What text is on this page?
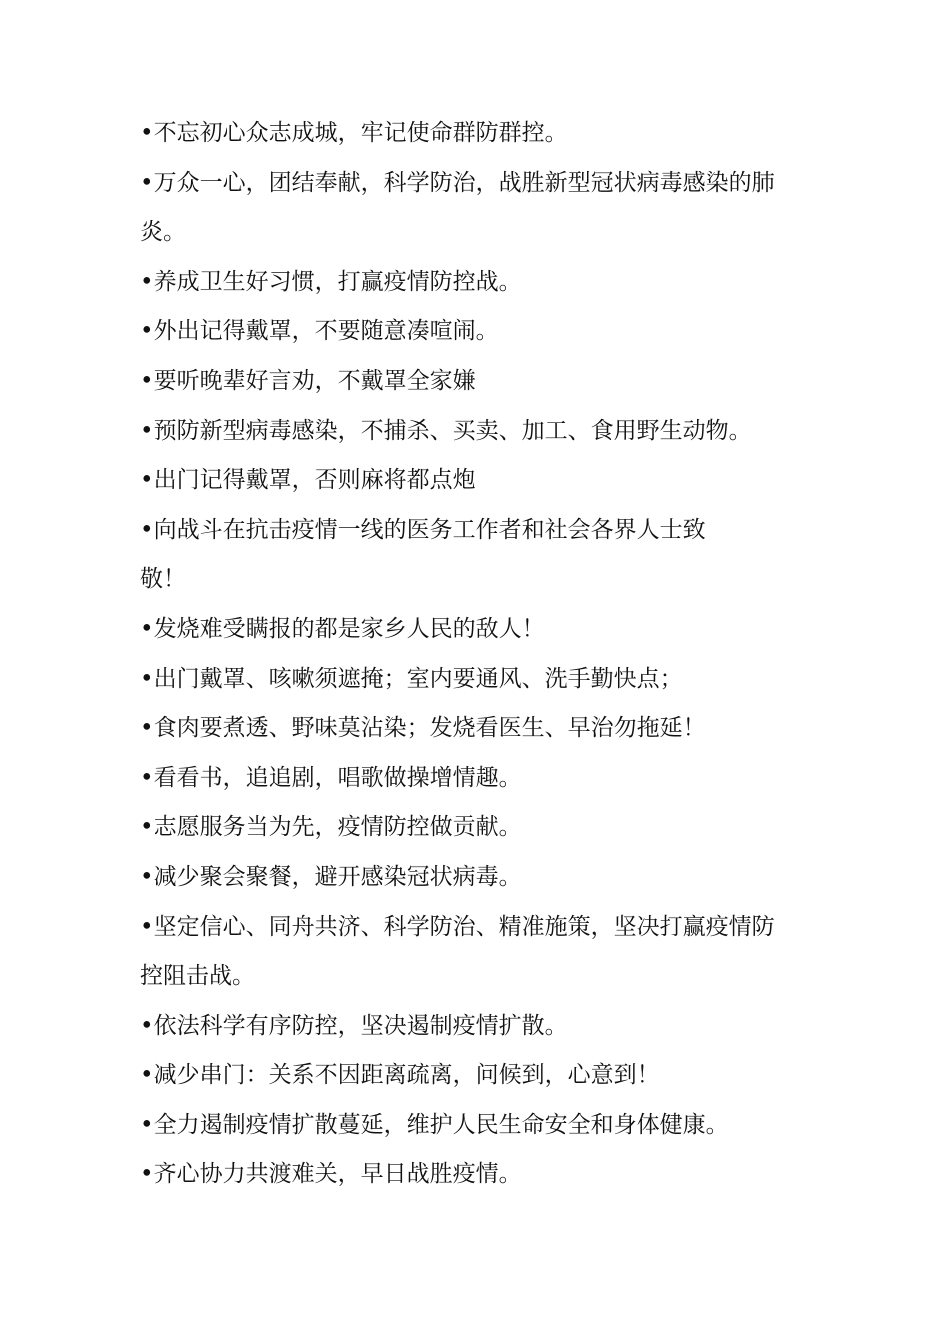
•不忘初心众志成城，牢记使命群防群控。
•万众一心，团结奉献，科学防治，战胜新型冠状病毒感染的肺
炎。
•养成卫生好习惯，打赢疫情防控战。
•外出记得戴罩，不要随意凑喧闹。
•要听晚辈好言劝，不戴罩全家嫌
•预防新型病毒感染，不捕杀、买卖、加工、食用野生动物。
•出门记得戴罩，否则麻将都点炮
•向战斗在抗击疫情一线的医务工作者和社会各界人士致
敬！
•发烧难受瞒报的都是家乡人民的敌人！
•出门戴罩、咳嗽须遮掩；室内要通风、洗手勤快点；
•食肉要煮透、野味莫沾染；发烧看医生、早治勿拖延！
•看看书，追追剧，唱歌做操增情趣。
•志愿服务当为先，疫情防控做贡献。
•减少聚会聚餐，避开感染冠状病毒。
•坚定信心、同舟共济、科学防治、精准施策，坚决打赢疫情防
控阻击战。
•依法科学有序防控，坚决遏制疫情扩散。
•减少串门：关系不因距离疏离，问候到，心意到！
•全力遏制疫情扩散蔓延，维护人民生命安全和身体健康。
•齐心协力共渡难关，早日战胜疫情。
